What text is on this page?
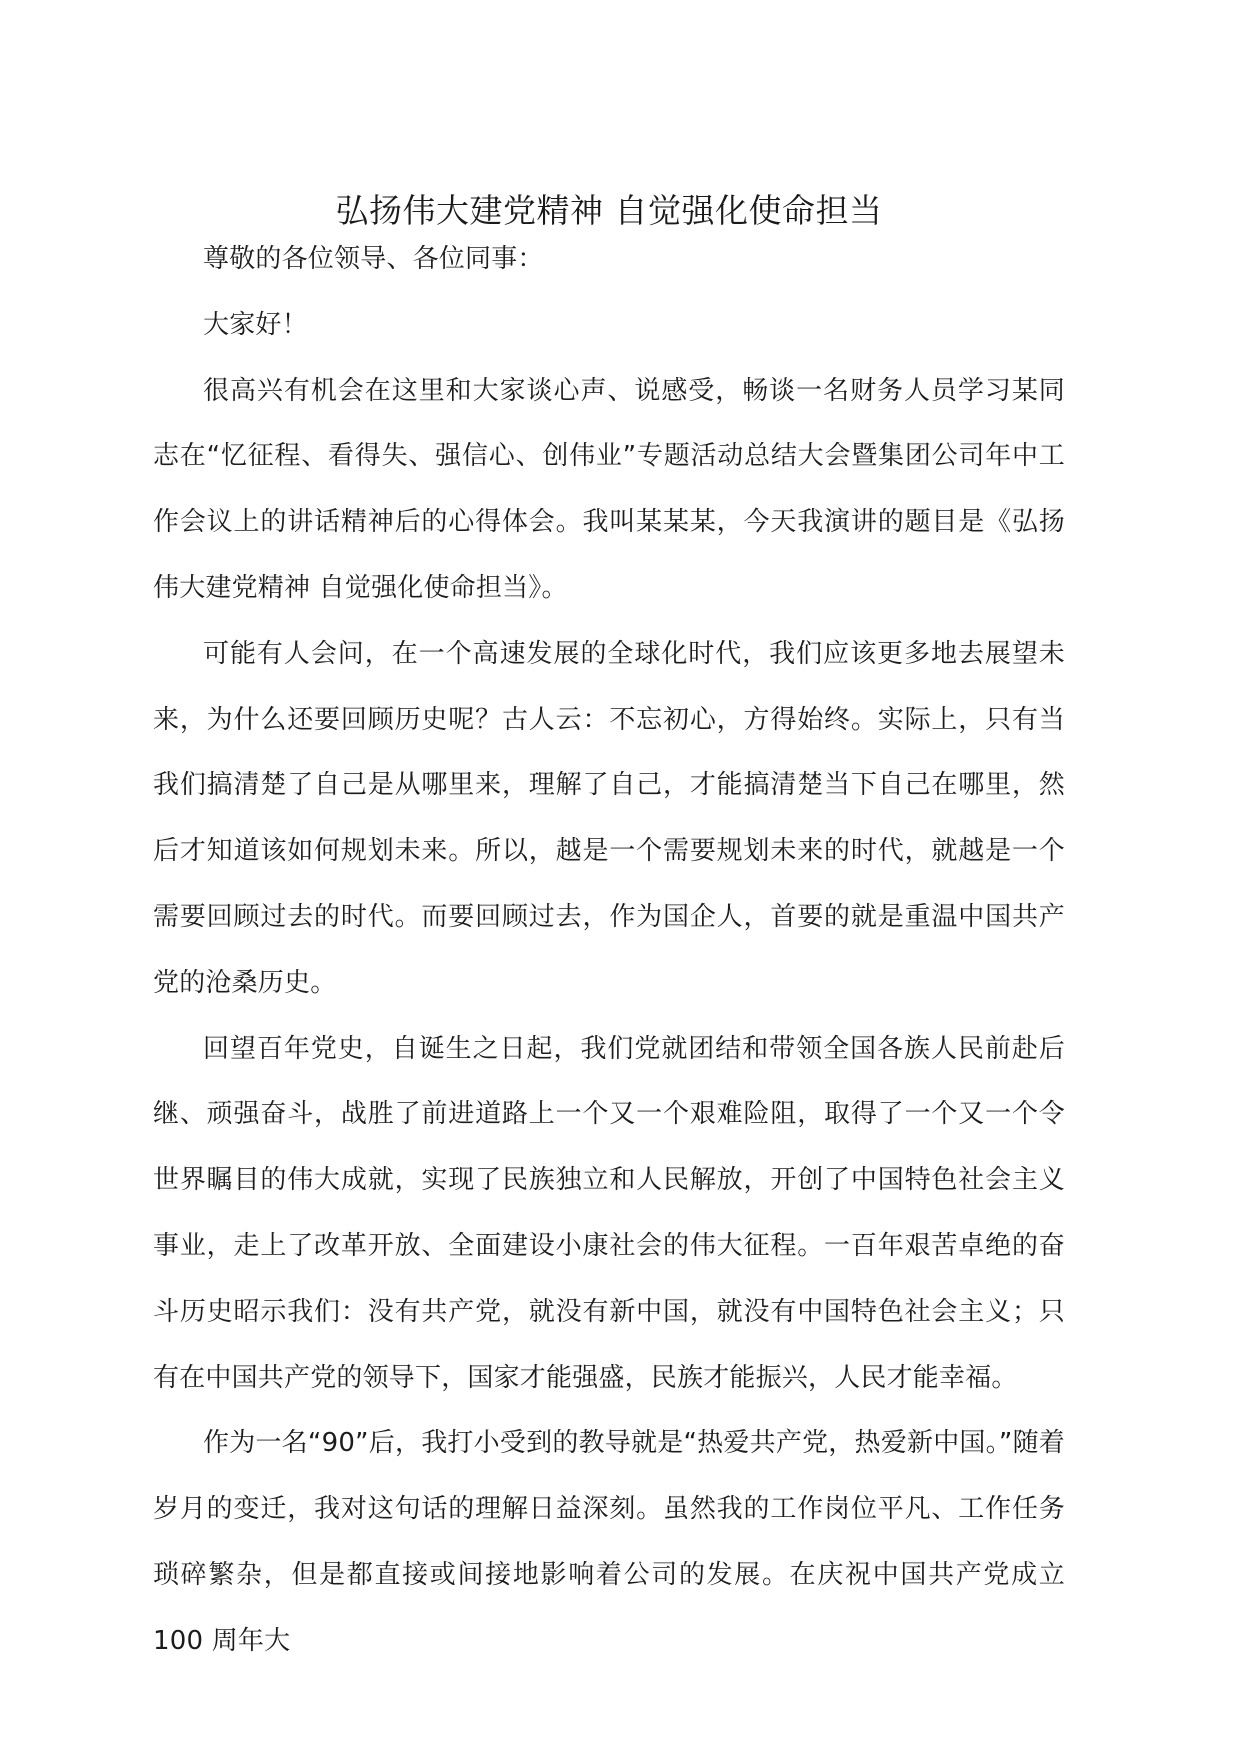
弘扬伟大建党精神 自觉强化使命担当

尊敬的各位领导、各位同事：

大家好！

很高兴有机会在这里和大家谈心声、说感受，畅谈一名财务人员学习某同志在“忆征程、看得失、强信心、创伟业”专题活动总结大会暨集团公司年中工作会议上的讲话精神后的心得体会。我叫某某某，今天我演讲的题目是《弘扬伟大建党精神 自觉强化使命担当》。

可能有人会问，在一个高速发展的全球化时代，我们应该更多地去展望未来，为什么还要回顾历史呢？古人云：不忘初心，方得始终。实际上，只有当我们搞清楚了自己是从哪里来，理解了自己，才能搞清楚当下自己在哪里，然后才知道该如何规划未来。所以，越是一个需要规划未来的时代，就越是一个需要回顾过去的时代。而要回顾过去，作为国企人，首要的就是重温中国共产党的沧桑历史。

回望百年党史，自诞生之日起，我们党就团结和带领全国各族人民前赴后继、顽强奋斗，战胜了前进道路上一个又一个艰难险阻，取得了一个又一个令世界瞩目的伟大成就，实现了民族独立和人民解放，开创了中国特色社会主义事业，走上了改革开放、全面建设小康社会的伟大征程。一百年艰苦卓绝的奋斗历史昭示我们：没有共产党，就没有新中国，就没有中国特色社会主义；只有在中国共产党的领导下，国家才能强盛，民族才能振兴，人民才能幸福。

作为一名“90”后，我打小受到的教导就是“热爱共产党，热爱新中国。”随着岁月的变迁，我对这句话的理解日益深刻。虽然我的工作岗位平凡、工作任务琐碎繁杂，但是都直接或间接地影响着公司的发展。在庆祝中国共产党成立 100 周年大
